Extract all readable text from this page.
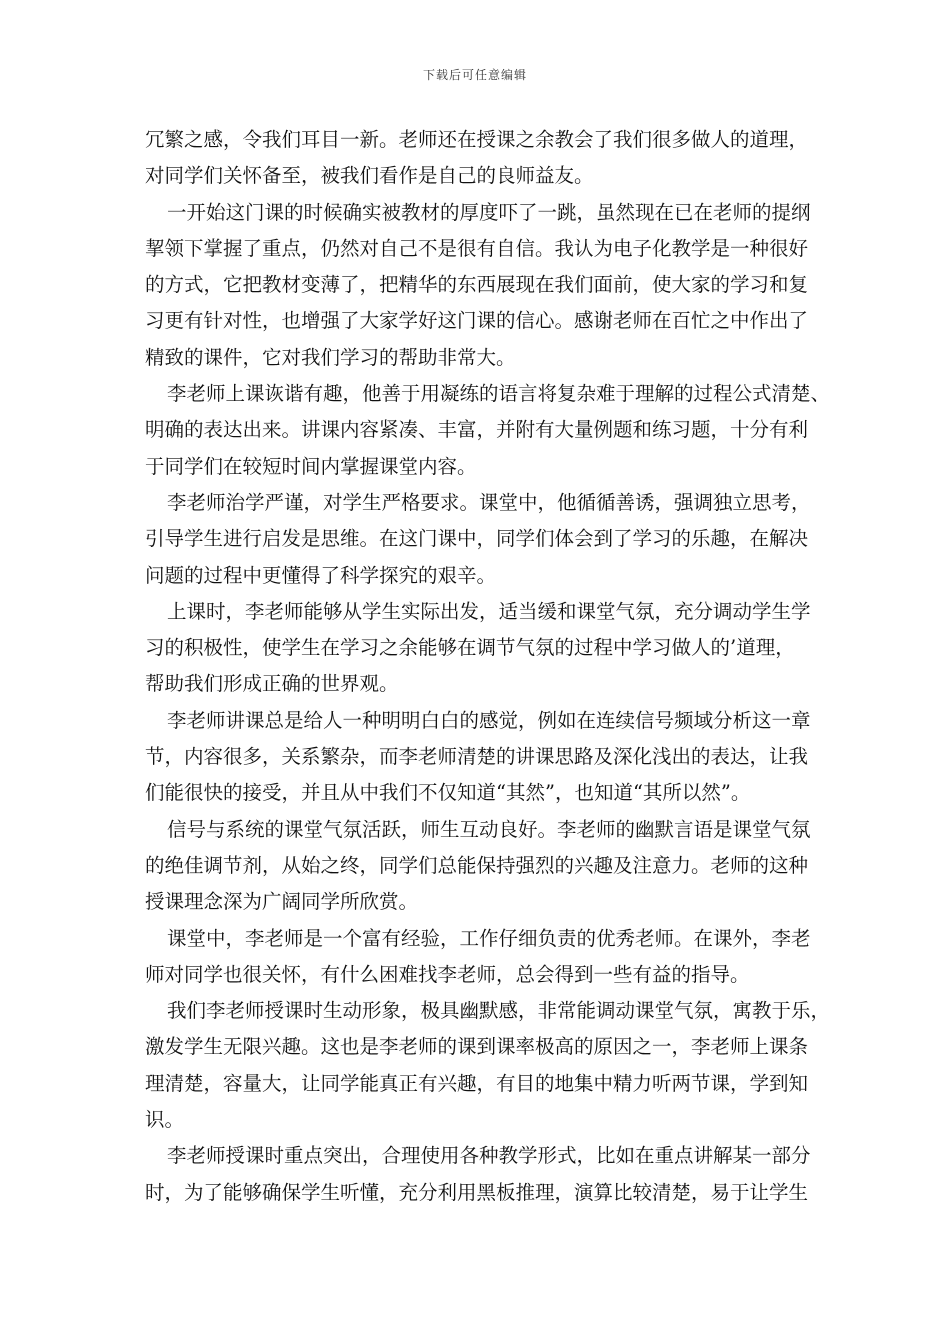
下载后可任意编辑

冗繁之感，令我们耳目一新。老师还在授课之余教会了我们很多做人的道理，
对同学们关怀备至，被我们看作是自己的良师益友。

一开始这门课的时候确实被教材的厚度吓了一跳，虽然现在已在老师的提纲
挈领下掌握了重点，仍然对自己不是很有自信。我认为电子化教学是一种很好
的方式，它把教材变薄了，把精华的东西展现在我们面前，使大家的学习和复
习更有针对性，也增强了大家学好这门课的信心。感谢老师在百忙之中作出了
精致的课件，它对我们学习的帮助非常大。

李老师上课诙谐有趣，他善于用凝练的语言将复杂难于理解的过程公式清楚、
明确的表达出来。讲课内容紧凑、丰富，并附有大量例题和练习题，十分有利
于同学们在较短时间内掌握课堂内容。

李老师治学严谨，对学生严格要求。课堂中，他循循善诱，强调独立思考，
引导学生进行启发是思维。在这门课中，同学们体会到了学习的乐趣，在解决
问题的过程中更懂得了科学探究的艰辛。

上课时，李老师能够从学生实际出发，适当缓和课堂气氛，充分调动学生学
习的积极性，使学生在学习之余能够在调节气氛的过程中学习做人的’道理，
帮助我们形成正确的世界观。

李老师讲课总是给人一种明明白白的感觉，例如在连续信号频域分析这一章
节，内容很多，关系繁杂，而李老师清楚的讲课思路及深化浅出的表达，让我
们能很快的接受，并且从中我们不仅知道“其然”，也知道“其所以然”。

信号与系统的课堂气氛活跃，师生互动良好。李老师的幽默言语是课堂气氛
的绝佳调节剂，从始之终，同学们总能保持强烈的兴趣及注意力。老师的这种
授课理念深为广阔同学所欣赏。

课堂中，李老师是一个富有经验，工作仔细负责的优秀老师。在课外，李老
师对同学也很关怀，有什么困难找李老师，总会得到一些有益的指导。

我们李老师授课时生动形象，极具幽默感，非常能调动课堂气氛，寓教于乐，
激发学生无限兴趣。这也是李老师的课到课率极高的原因之一，李老师上课条
理清楚，容量大，让同学能真正有兴趣，有目的地集中精力听两节课，学到知
识。

李老师授课时重点突出，合理使用各种教学形式，比如在重点讲解某一部分
时，为了能够确保学生听懂，充分利用黑板推理，演算比较清楚，易于让学生
